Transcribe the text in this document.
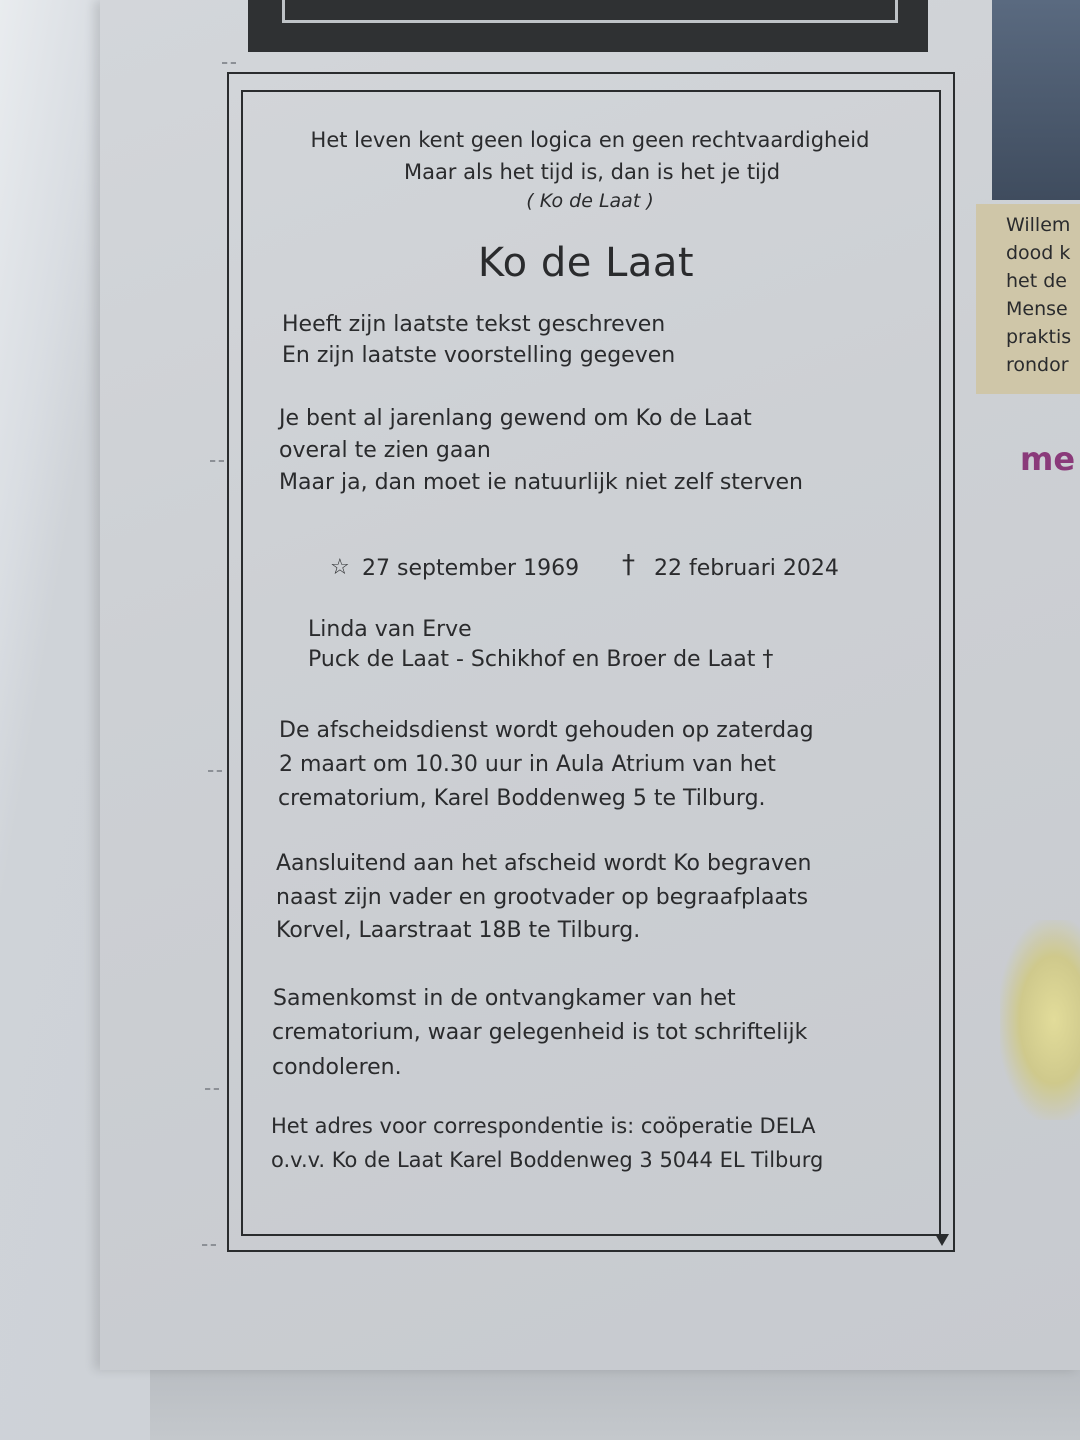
Willem
dood k
het de
Mense
praktis
rondor
me
Het leven kent geen logica en geen rechtvaardigheid
Maar als het tijd is, dan is het je tijd
( Ko de Laat )
Ko de Laat
Heeft zijn laatste tekst geschreven
En zijn laatste voorstelling gegeven
Je bent al jarenlang gewend om Ko de Laat
overal te zien gaan
Maar ja, dan moet ie natuurlijk niet zelf sterven
☆ 27 september 1969 † 22 februari 2024
Linda van Erve
Puck de Laat - Schikhof en Broer de Laat †
De afscheidsdienst wordt gehouden op zaterdag
2 maart om 10.30 uur in Aula Atrium van het
crematorium, Karel Boddenweg 5 te Tilburg.
Aansluitend aan het afscheid wordt Ko begraven
naast zijn vader en grootvader op begraafplaats
Korvel, Laarstraat 18B te Tilburg.
Samenkomst in de ontvangkamer van het
crematorium, waar gelegenheid is tot schriftelijk
condoleren.
Het adres voor correspondentie is: coöperatie DELA
o.v.v. Ko de Laat Karel Boddenweg 3 5044 EL Tilburg
